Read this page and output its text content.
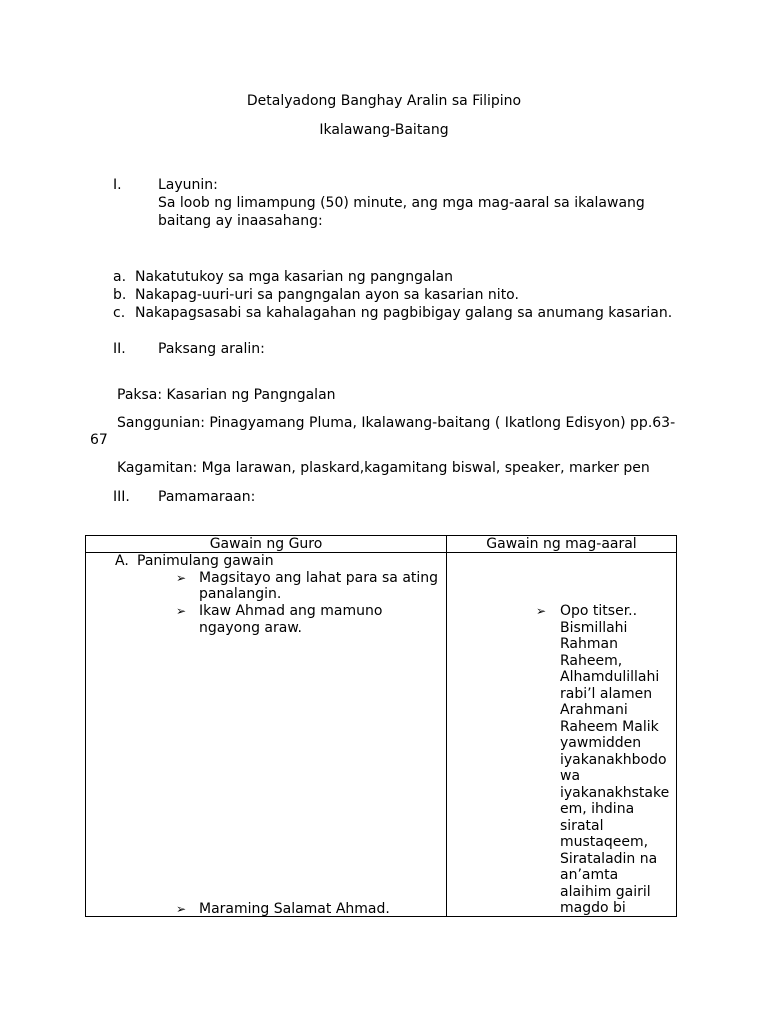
Detalyadong Banghay Aralin sa Filipino
Ikalawang-Baitang
I.	Layunin:
Sa loob ng limampung (50) minute, ang mga mag-aaral sa ikalawang
baitang ay inaasahang:
a. Nakatutukoy sa mga kasarian ng pangngalan
b. Nakapag-uuri-uri sa pangngalan ayon sa kasarian nito.
c. Nakapagsasabi sa kahalagahan ng pagbibigay galang sa anumang kasarian.
II. Paksang aralin:
Paksa: Kasarian ng Pangngalan
Sanggunian: Pinagyamang Pluma, Ikalawang-baitang ( Ikatlong Edisyon) pp.63-
67
Kagamitan: Mga larawan, plaskard,kagamitang biswal, speaker, marker pen
III. Pamamaraan:
Gawain ng Guro	Gawain ng mag-aaral
A. Panimulang gawain
➢ Magsitayo ang lahat para sa ating
panalangin.
➢ Ikaw Ahmad ang mamuno
ngayong araw.
➢ Maraming Salamat Ahmad.
➢ Opo titser..
Bismillahi
Rahman
Raheem,
Alhamdulillahi
rabi’l alamen
Arahmani
Raheem Malik
yawmidden
iyakanakhbodo
wa
iyakanakhstake
em, ihdina
siratal
mustaqeem,
Sirataladin na
an’amta
alaihim gairil
magdo bi
